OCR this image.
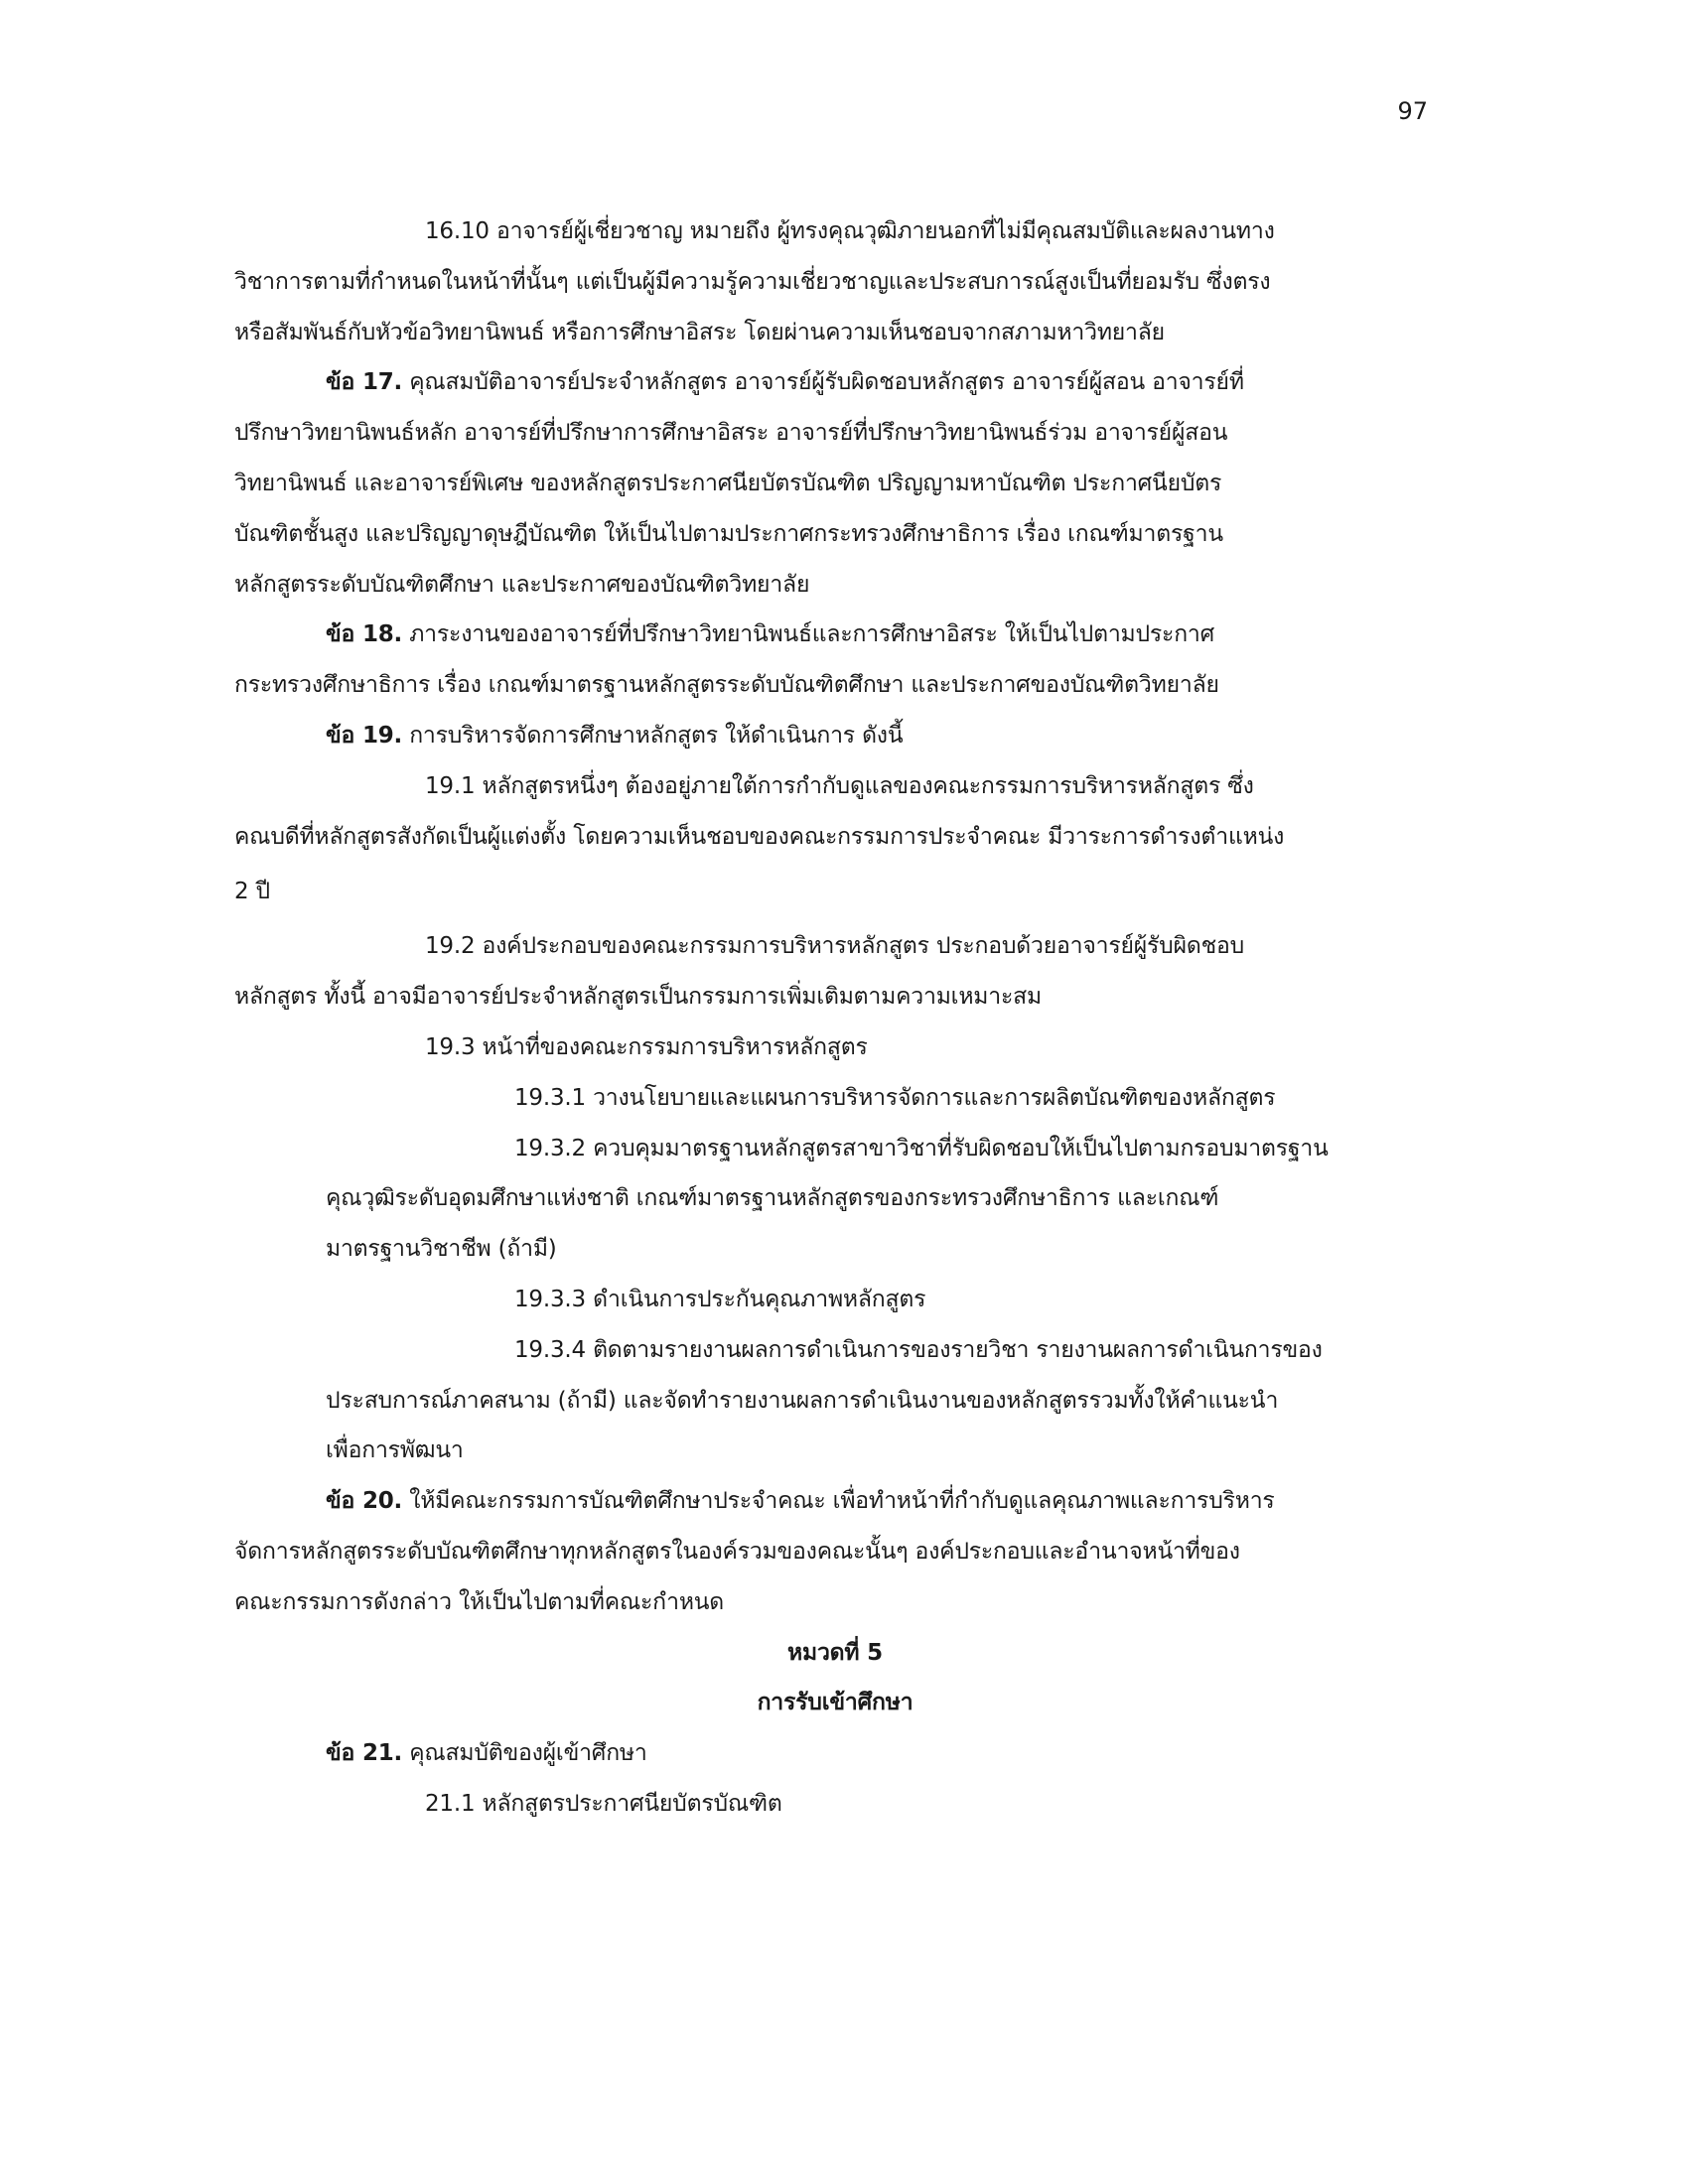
97
16.10 อาจารย์ผู้เชี่ยวชาญ หมายถึง ผู้ทรงคุณวุฒิภายนอกที่ไม่มีคุณสมบัติและผลงานทาง
วิชาการตามที่กำหนดในหน้าที่นั้นๆ แต่เป็นผู้มีความรู้ความเชี่ยวชาญและประสบการณ์สูงเป็นที่ยอมรับ ซึ่งตรง
หรือสัมพันธ์กับหัวข้อวิทยานิพนธ์ หรือการศึกษาอิสระ โดยผ่านความเห็นชอบจากสภามหาวิทยาลัย
ข้อ 17. คุณสมบัติอาจารย์ประจำหลักสูตร อาจารย์ผู้รับผิดชอบหลักสูตร อาจารย์ผู้สอน อาจารย์ที่
ปรึกษาวิทยานิพนธ์หลัก อาจารย์ที่ปรึกษาการศึกษาอิสระ อาจารย์ที่ปรึกษาวิทยานิพนธ์ร่วม อาจารย์ผู้สอน
วิทยานิพนธ์ และอาจารย์พิเศษ ของหลักสูตรประกาศนียบัตรบัณฑิต ปริญญามหาบัณฑิต ประกาศนียบัตร
บัณฑิตชั้นสูง และปริญญาดุษฎีบัณฑิต ให้เป็นไปตามประกาศกระทรวงศึกษาธิการ เรื่อง เกณฑ์มาตรฐาน
หลักสูตรระดับบัณฑิตศึกษา และประกาศของบัณฑิตวิทยาลัย
ข้อ 18. ภาระงานของอาจารย์ที่ปรึกษาวิทยานิพนธ์และการศึกษาอิสระ ให้เป็นไปตามประกาศ
กระทรวงศึกษาธิการ เรื่อง เกณฑ์มาตรฐานหลักสูตรระดับบัณฑิตศึกษา และประกาศของบัณฑิตวิทยาลัย
ข้อ 19. การบริหารจัดการศึกษาหลักสูตร ให้ดำเนินการ ดังนี้
19.1 หลักสูตรหนึ่งๆ ต้องอยู่ภายใต้การกำกับดูแลของคณะกรรมการบริหารหลักสูตร ซึ่ง
คณบดีที่หลักสูตรสังกัดเป็นผู้แต่งตั้ง โดยความเห็นชอบของคณะกรรมการประจำคณะ มีวาระการดำรงตำแหน่ง
2 ปี
19.2 องค์ประกอบของคณะกรรมการบริหารหลักสูตร ประกอบด้วยอาจารย์ผู้รับผิดชอบ
หลักสูตร ทั้งนี้ อาจมีอาจารย์ประจำหลักสูตรเป็นกรรมการเพิ่มเติมตามความเหมาะสม
19.3 หน้าที่ของคณะกรรมการบริหารหลักสูตร
19.3.1 วางนโยบายและแผนการบริหารจัดการและการผลิตบัณฑิตของหลักสูตร
19.3.2 ควบคุมมาตรฐานหลักสูตรสาขาวิชาที่รับผิดชอบให้เป็นไปตามกรอบมาตรฐาน
คุณวุฒิระดับอุดมศึกษาแห่งชาติ เกณฑ์มาตรฐานหลักสูตรของกระทรวงศึกษาธิการ และเกณฑ์
มาตรฐานวิชาชีพ (ถ้ามี)
19.3.3 ดำเนินการประกันคุณภาพหลักสูตร
19.3.4 ติดตามรายงานผลการดำเนินการของรายวิชา รายงานผลการดำเนินการของ
ประสบการณ์ภาคสนาม (ถ้ามี) และจัดทำรายงานผลการดำเนินงานของหลักสูตรรวมทั้งให้คำแนะนำ
เพื่อการพัฒนา
ข้อ 20. ให้มีคณะกรรมการบัณฑิตศึกษาประจำคณะ เพื่อทำหน้าที่กำกับดูแลคุณภาพและการบริหาร
จัดการหลักสูตรระดับบัณฑิตศึกษาทุกหลักสูตรในองค์รวมของคณะนั้นๆ องค์ประกอบและอำนาจหน้าที่ของ
คณะกรรมการดังกล่าว ให้เป็นไปตามที่คณะกำหนด
หมวดที่ 5
การรับเข้าศึกษา
ข้อ 21. คุณสมบัติของผู้เข้าศึกษา
21.1 หลักสูตรประกาศนียบัตรบัณฑิต
